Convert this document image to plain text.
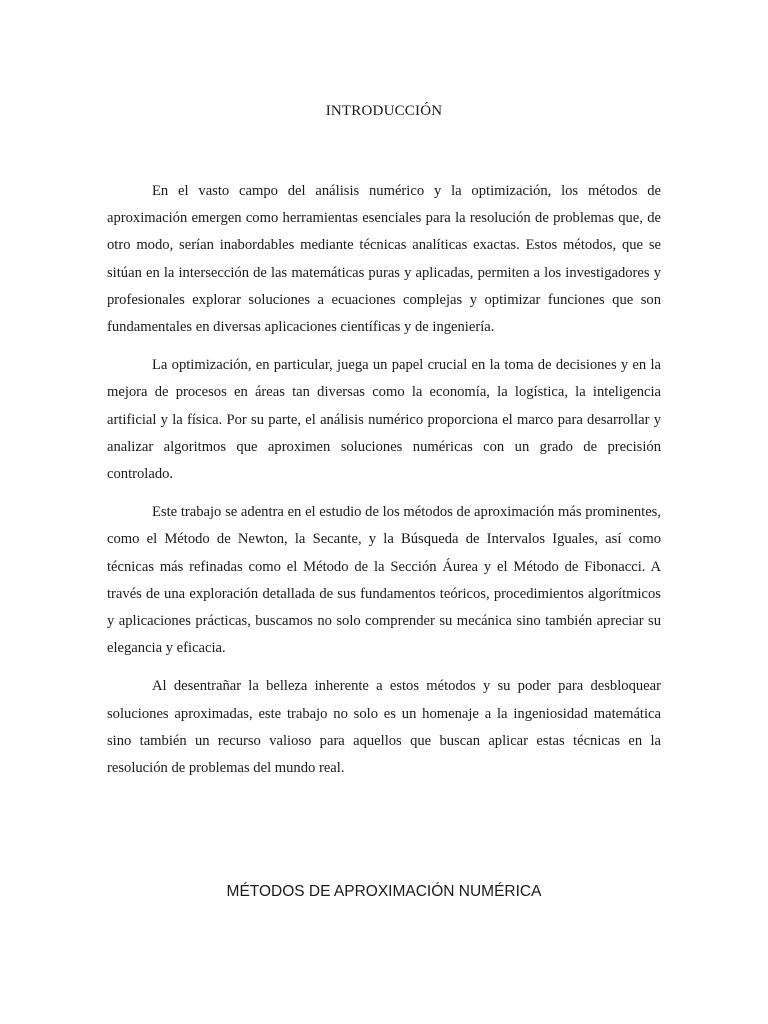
INTRODUCCIÓN

En el vasto campo del análisis numérico y la optimización, los métodos de aproximación emergen como herramientas esenciales para la resolución de problemas que, de otro modo, serían inabordables mediante técnicas analíticas exactas. Estos métodos, que se sitúan en la intersección de las matemáticas puras y aplicadas, permiten a los investigadores y profesionales explorar soluciones a ecuaciones complejas y optimizar funciones que son fundamentales en diversas aplicaciones científicas y de ingeniería.

La optimización, en particular, juega un papel crucial en la toma de decisiones y en la mejora de procesos en áreas tan diversas como la economía, la logística, la inteligencia artificial y la física. Por su parte, el análisis numérico proporciona el marco para desarrollar y analizar algoritmos que aproximen soluciones numéricas con un grado de precisión controlado.

Este trabajo se adentra en el estudio de los métodos de aproximación más prominentes, como el Método de Newton, la Secante, y la Búsqueda de Intervalos Iguales, así como técnicas más refinadas como el Método de la Sección Áurea y el Método de Fibonacci. A través de una exploración detallada de sus fundamentos teóricos, procedimientos algorítmicos y aplicaciones prácticas, buscamos no solo comprender su mecánica sino también apreciar su elegancia y eficacia.

Al desentrañar la belleza inherente a estos métodos y su poder para desbloquear soluciones aproximadas, este trabajo no solo es un homenaje a la ingeniosidad matemática sino también un recurso valioso para aquellos que buscan aplicar estas técnicas en la resolución de problemas del mundo real.

MÉTODOS DE APROXIMACIÓN NUMÉRICA
